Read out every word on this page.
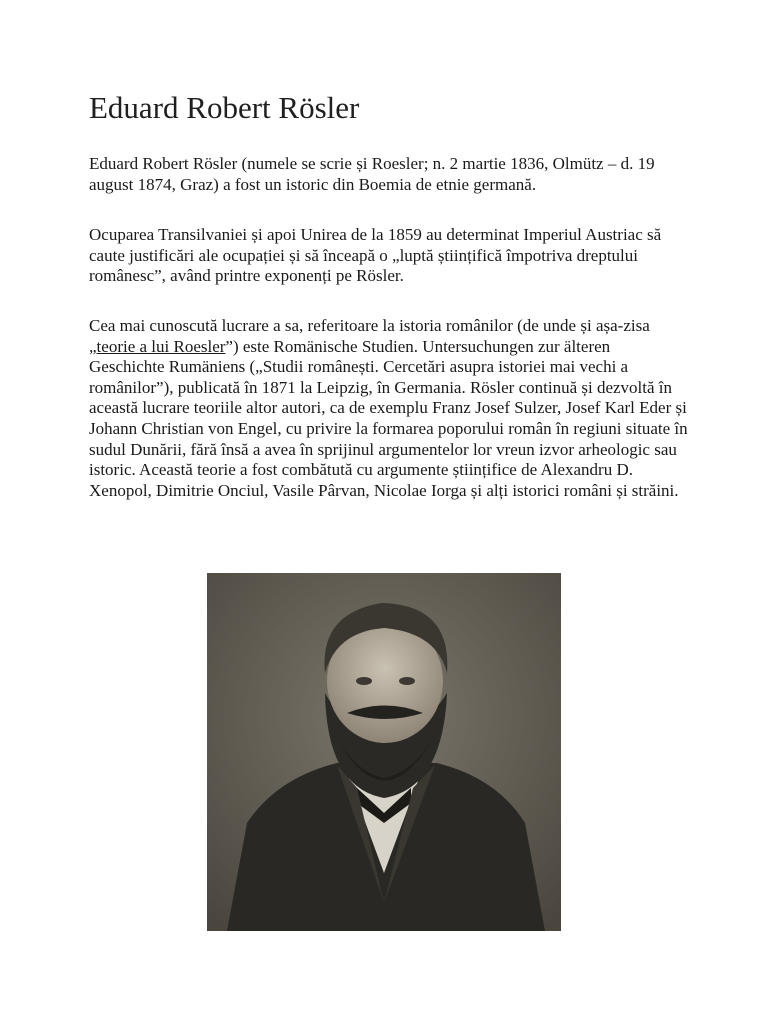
Eduard Robert Rösler

Eduard Robert Rösler (numele se scrie și Roesler; n. 2 martie 1836, Olmütz – d. 19 august 1874, Graz) a fost un istoric din Boemia de etnie germană.

Ocuparea Transilvaniei și apoi Unirea de la 1859 au determinat Imperiul Austriac să caute justificări ale ocupației și să înceapă o „luptă științifică împotriva dreptului românesc”, având printre exponenți pe Rösler.

Cea mai cunoscută lucrare a sa, referitoare la istoria românilor (de unde și așa-zisa „teorie a lui Roesler”) este Romänische Studien. Untersuchungen zur älteren Geschichte Rumäniens („Studii românești. Cercetări asupra istoriei mai vechi a românilor”), publicată în 1871 la Leipzig, în Germania. Rösler continuă și dezvoltă în această lucrare teoriile altor autori, ca de exemplu Franz Josef Sulzer, Josef Karl Eder și Johann Christian von Engel, cu privire la formarea poporului român în regiuni situate în sudul Dunării, fără însă a avea în sprijinul argumentelor lor vreun izvor arheologic sau istoric. Această teorie a fost combătută cu argumente științifice de Alexandru D. Xenopol, Dimitrie Onciul, Vasile Pârvan, Nicolae Iorga și alți istorici români și străini.
